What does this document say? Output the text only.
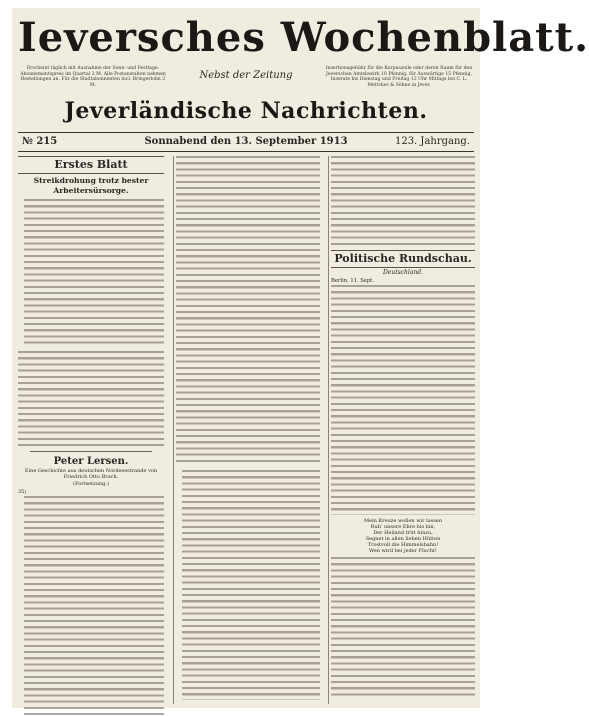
Ieversches Wochenblatt.
Erscheint täglich mit Ausnahme der Sonn- und Festtage. Abonnementspreis im Quartal 2 M. Alle Postanstalten nehmen Bestellungen an. Für die Stadtabonnenten incl. Bringerlohn 2 M.
Nebst der Zeitung
Insertionsgebühr für die Korpuszeile oder deren Raum für den Jeverschen Amtsbezirk 10 Pfennig, für Auswärtige 15 Pfennig, Inserate bis Dienstag und Freitag 12 Uhr Mittags bei C. L. Mettcker & Söhne in Jever.
Jeverländische Nachrichten.
№ 215	Sonnabend den 13. September 1913	123. Jahrgang.
Erstes Blatt
Streikdrohung trotz bester Arbeitersürsorge.
Peter Lersen.
Eine Geschichte aus deutschen Nordseestrande von Friedrich Otto Brach.
(Fortsetzung.)
35)
Politische Rundschau.
Deutschland.
Berlin, 11. Sept.

Mein Kreuze wollen wir lassen

Ruh' unsere Ehre bis hin,

Der Heiland tritt hinzu,

Segnet in allen lieben Hütten

Trostvoll die Himmelsbahn!

Wen wird bei jeder Flucht!
